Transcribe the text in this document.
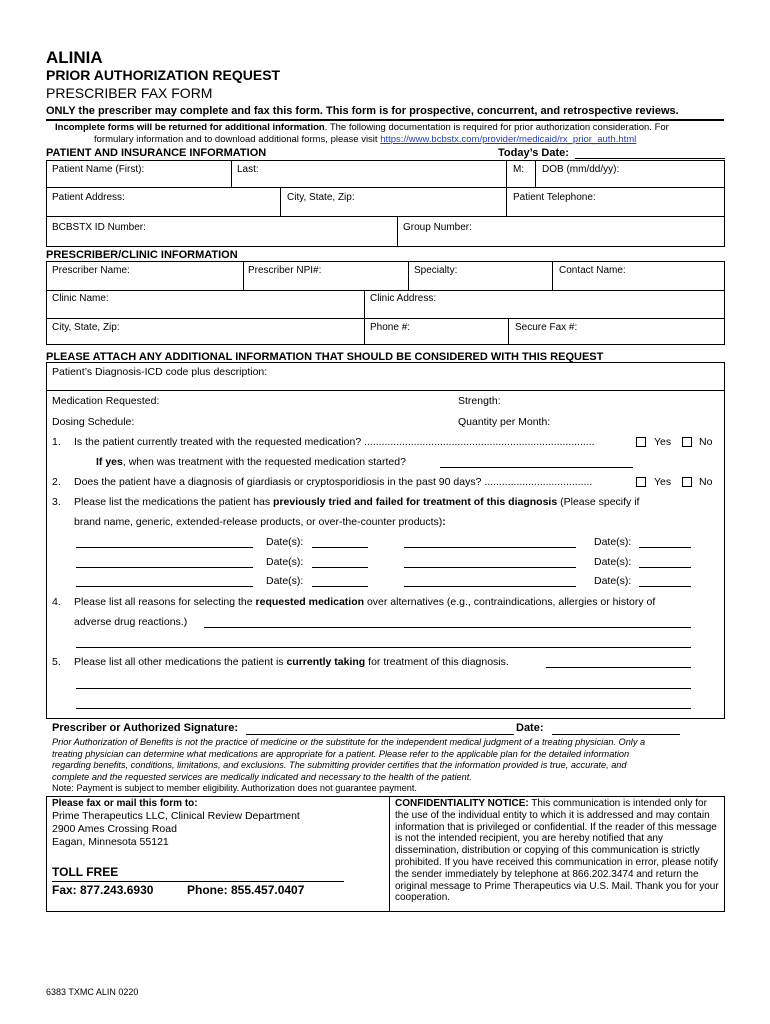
ALINIA
PRIOR AUTHORIZATION REQUEST
PRESCRIBER FAX FORM
ONLY the prescriber may complete and fax this form. This form is for prospective, concurrent, and retrospective reviews.
Incomplete forms will be returned for additional information. The following documentation is required for prior authorization consideration. For
formulary information and to download additional forms, please visit https://www.bcbstx.com/provider/medicaid/rx_prior_auth.html
PATIENT AND INSURANCE INFORMATION	Today’s Date:
Patient Name (First):	Last:	M: DOB (mm/dd/yy):
Patient Address:	City, State, Zip:	Patient Telephone:
BCBSTX ID Number:	Group Number:
PRESCRIBER/CLINIC INFORMATION
Prescriber Name:	Prescriber NPI#:	Specialty:	Contact Name:
Clinic Name:	Clinic Address:
City, State, Zip:	Phone #:	Secure Fax #:
PLEASE ATTACH ANY ADDITIONAL INFORMATION THAT SHOULD BE CONSIDERED WITH THIS REQUEST
Patient’s Diagnosis-ICD code plus description:
Medication Requested:	Strength:
Dosing Schedule:	Quantity per Month:
1. Is the patient currently treated with the requested medication? ...............................................................................	Yes	No
If yes, when was treatment with the requested medication started?
2. Does the patient have a diagnosis of giardiasis or cryptosporidiosis in the past 90 days? .....................................	Yes	No
3. Please list the medications the patient has previously tried and failed for treatment of this diagnosis (Please specify if
brand name, generic, extended-release products, or over-the-counter products):
Date(s):	Date(s):
Date(s):	Date(s):
Date(s):	Date(s):
4. Please list all reasons for selecting the requested medication over alternatives (e.g., contraindications, allergies or history of
adverse drug reactions.)
5. Please list all other medications the patient is currently taking for treatment of this diagnosis.
Prescriber or Authorized Signature:	Date:
Prior Authorization of Benefits is not the practice of medicine or the substitute for the independent medical judgment of a treating physician. Only a
treating physician can determine what medications are appropriate for a patient. Please refer to the applicable plan for the detailed information
regarding benefits, conditions, limitations, and exclusions. The submitting provider certifies that the information provided is true, accurate, and
complete and the requested services are medically indicated and necessary to the health of the patient.
Note: Payment is subject to member eligibility. Authorization does not guarantee payment.
Please fax or mail this form to:
Prime Therapeutics LLC, Clinical Review Department
2900 Ames Crossing Road
Eagan, Minnesota 55121
TOLL FREE
Fax: 877.243.6930	Phone: 855.457.0407
CONFIDENTIALITY NOTICE: This communication is intended only for the use of the individual entity to which it is addressed and may contain information that is privileged or confidential. If the reader of this message is not the intended recipient, you are hereby notified that any dissemination, distribution or copying of this communication is strictly prohibited. If you have received this communication in error, please notify the sender immediately by telephone at 866.202.3474 and return the original message to Prime Therapeutics via U.S. Mail. Thank you for your cooperation.
6383 TXMC ALIN 0220
